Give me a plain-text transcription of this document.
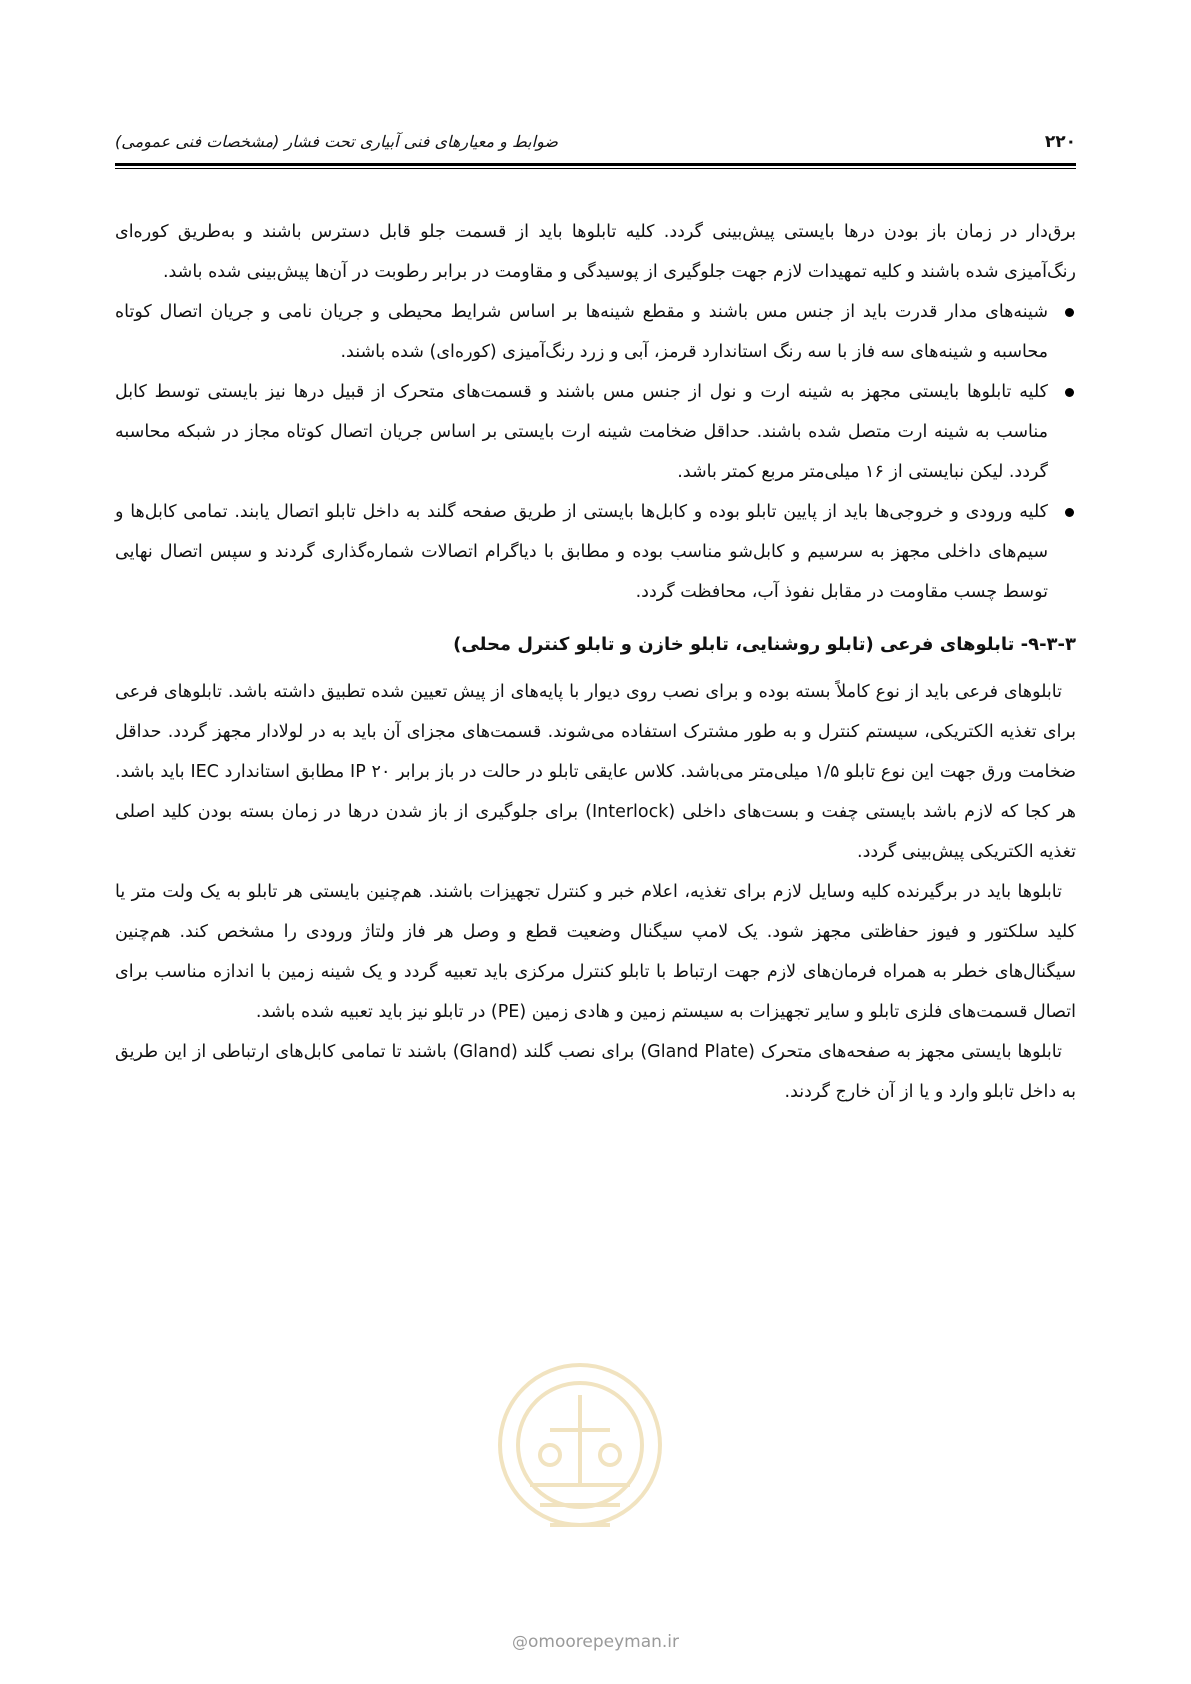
۲۲۰
ضوابط و معیارهای فنی آبیاری تحت فشار (مشخصات فنی عمومی)

برق‌دار در زمان باز بودن درها بایستی پیش‌بینی گردد. کلیه تابلوها باید از قسمت جلو قابل دسترس باشند و به‌طریق کوره‌ای رنگ‌آمیزی شده باشند و کلیه تمهیدات لازم جهت جلوگیری از پوسیدگی و مقاومت در برابر رطوبت در آن‌ها پیش‌بینی شده باشد.

شینه‌های مدار قدرت باید از جنس مس باشند و مقطع شینه‌ها بر اساس شرایط محیطی و جریان نامی و جریان اتصال کوتاه محاسبه و شینه‌های سه فاز با سه رنگ استاندارد قرمز، آبی و زرد رنگ‌آمیزی (کوره‌ای) شده باشند.
کلیه تابلوها بایستی مجهز به شینه ارت و نول از جنس مس باشند و قسمت‌های متحرک از قبیل درها نیز بایستی توسط کابل مناسب به شینه ارت متصل شده باشند. حداقل ضخامت شینه ارت بایستی بر اساس جریان اتصال کوتاه مجاز در شبکه محاسبه گردد. لیکن نبایستی از ۱۶ میلی‌متر مربع کمتر باشد.
کلیه ورودی و خروجی‌ها باید از پایین تابلو بوده و کابل‌ها بایستی از طریق صفحه گلند به داخل تابلو اتصال یابند. تمامی کابل‌ها و سیم‌های داخلی مجهز به سرسیم و کابل‌شو مناسب بوده و مطابق با دیاگرام اتصالات شماره‌گذاری گردند و سپس اتصال نهایی توسط چسب مقاومت در مقابل نفوذ آب، محافظت گردد.
۹-۳-۳- تابلوهای فرعی (تابلو روشنایی، تابلو خازن و تابلو کنترل محلی)

تابلوهای فرعی باید از نوع کاملاً بسته بوده و برای نصب روی دیوار با پایه‌های از پیش تعیین شده تطبیق داشته باشد. تابلوهای فرعی برای تغذیه الکتریکی، سیستم کنترل و به طور مشترک استفاده می‌شوند. قسمت‌های مجزای آن باید به در لولادار مجهز گردد. حداقل ضخامت ورق جهت این نوع تابلو ۱/۵ میلی‌متر می‌باشد. کلاس عایقی تابلو در حالت در باز برابر IP ۲۰ مطابق استاندارد IEC باید باشد. هر کجا که لازم باشد بایستی چفت و بست‌های داخلی (Interlock) برای جلوگیری از باز شدن درها در زمان بسته بودن کلید اصلی تغذیه الکتریکی پیش‌بینی گردد.

تابلوها باید در برگیرنده کلیه وسایل لازم برای تغذیه، اعلام خبر و کنترل تجهیزات باشند. هم‌چنین بایستی هر تابلو به یک ولت متر یا کلید سلکتور و فیوز حفاظتی مجهز شود. یک لامپ سیگنال وضعیت قطع و وصل هر فاز ولتاژ ورودی را مشخص کند. هم‌چنین سیگنال‌های خطر به همراه فرمان‌های لازم جهت ارتباط با تابلو کنترل مرکزی باید تعبیه گردد و یک شینه زمین با اندازه مناسب برای اتصال قسمت‌های فلزی تابلو و سایر تجهیزات به سیستم زمین و هادی زمین (PE) در تابلو نیز باید تعبیه شده باشد.

تابلوها بایستی مجهز به صفحه‌های متحرک (Gland Plate) برای نصب گلند (Gland) باشند تا تمامی کابل‌های ارتباطی از این طریق به داخل تابلو وارد و یا از آن خارج گردند.

@omoorepeyman.ir
